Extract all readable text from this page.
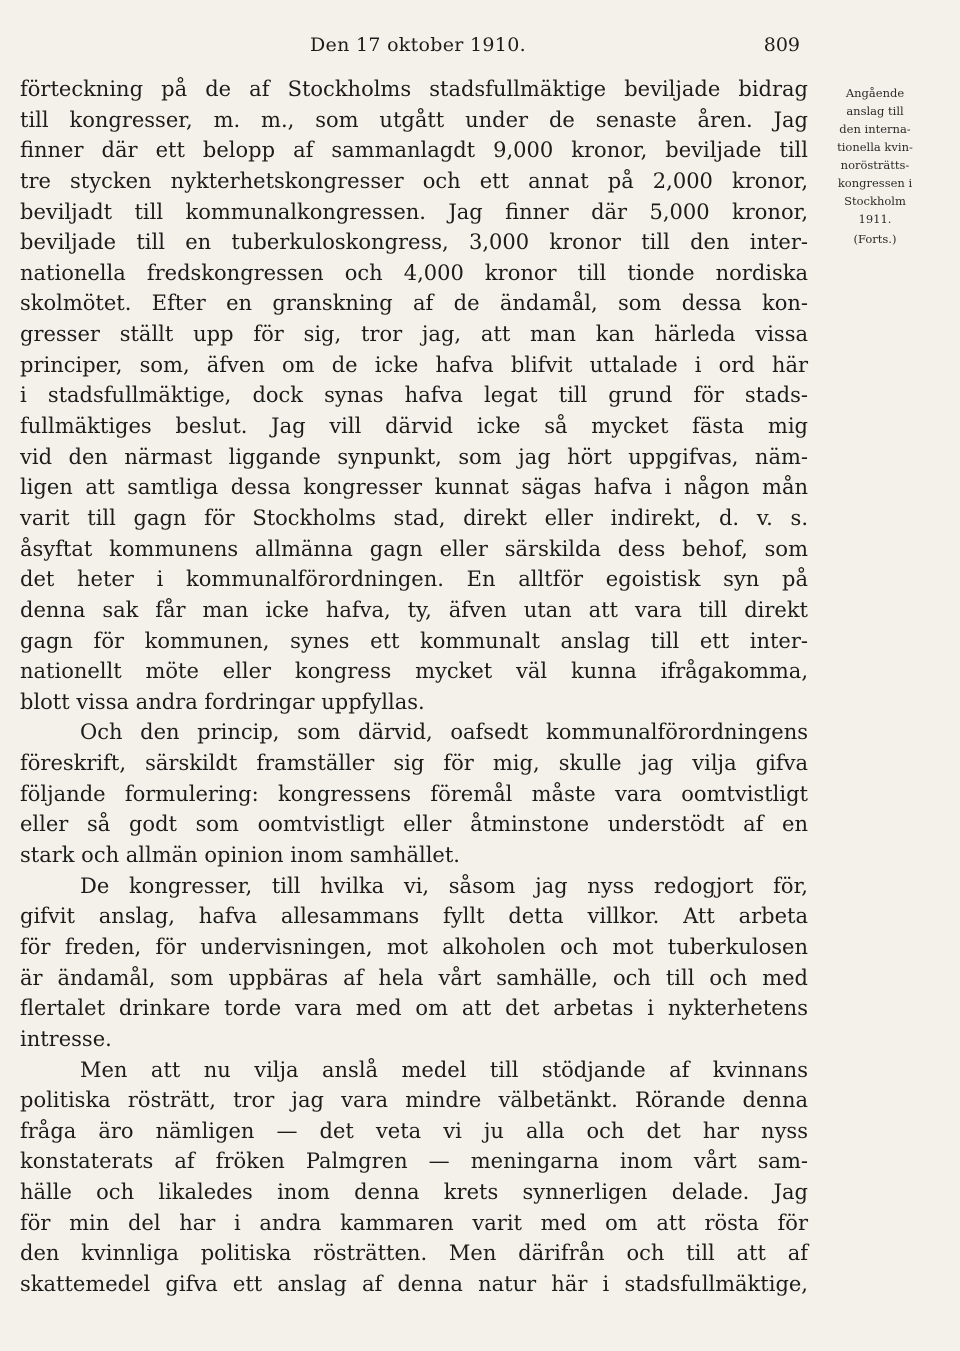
Den 17 oktober 1910.	809
förteckning på de af Stockholms stadsfullmäktige beviljade bidrag
till kongresser, m. m., som utgått under de senaste åren. Jag
finner där ett belopp af sammanlagdt 9,000 kronor, beviljade till
tre stycken nykterhetskongresser och ett annat på 2,000 kronor,
beviljadt till kommunalkongressen. Jag finner där 5,000 kronor,
beviljade till en tuberkuloskongress, 3,000 kronor till den inter-
nationella fredskongressen och 4,000 kronor till tionde nordiska
skolmötet. Efter en granskning af de ändamål, som dessa kon-
gresser ställt upp för sig, tror jag, att man kan härleda vissa
principer, som, äfven om de icke hafva blifvit uttalade i ord här
i stadsfullmäktige, dock synas hafva legat till grund för stads-
fullmäktiges beslut. Jag vill därvid icke så mycket fästa mig
vid den närmast liggande synpunkt, som jag hört uppgifvas, näm-
ligen att samtliga dessa kongresser kunnat sägas hafva i någon mån
varit till gagn för Stockholms stad, direkt eller indirekt, d. v. s.
åsyftat kommunens allmänna gagn eller särskilda dess behof, som
det heter i kommunalförordningen. En alltför egoistisk syn på
denna sak får man icke hafva, ty, äfven utan att vara till direkt
gagn för kommunen, synes ett kommunalt anslag till ett inter-
nationellt möte eller kongress mycket väl kunna ifrågakomma,
blott vissa andra fordringar uppfyllas.
Och den princip, som därvid, oafsedt kommunalförordningens
föreskrift, särskildt framställer sig för mig, skulle jag vilja gifva
följande formulering: kongressens föremål måste vara oomtvistligt
eller så godt som oomtvistligt eller åtminstone understödt af en
stark och allmän opinion inom samhället.
De kongresser, till hvilka vi, såsom jag nyss redogjort för,
gifvit anslag, hafva allesammans fyllt detta villkor. Att arbeta
för freden, för undervisningen, mot alkoholen och mot tuberkulosen
är ändamål, som uppbäras af hela vårt samhälle, och till och med
flertalet drinkare torde vara med om att det arbetas i nykterhetens
intresse.
Men att nu vilja anslå medel till stödjande af kvinnans
politiska rösträtt, tror jag vara mindre välbetänkt. Rörande denna
fråga äro nämligen — det veta vi ju alla och det har nyss
konstaterats af fröken Palmgren — meningarna inom vårt sam-
hälle och likaledes inom denna krets synnerligen delade. Jag
för min del har i andra kammaren varit med om att rösta för
den kvinnliga politiska rösträtten. Men därifrån och till att af
skattemedel gifva ett anslag af denna natur här i stadsfullmäktige,
Angående
anslag till
den interna-
tionella kvin-
norösträtts-
kongressen i
Stockholm
1911.
(Forts.)
